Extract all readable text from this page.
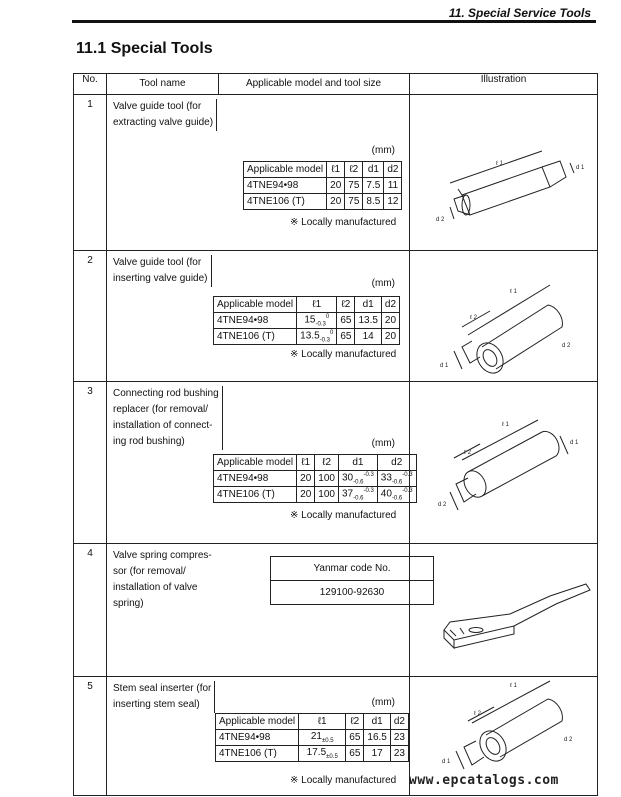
11. Special Service Tools
11.1 Special Tools
No.	Tool name	Applicable model and tool size	Illustration
1	Valve guide tool (for
extracting valve guide)
(mm)
Applicable model	ℓ1	ℓ2	d1	d2
4TNE94•98	20	75	7.5	11
4TNE106 (T)	20	75	8.5	12
※ Locally manufactured

ℓ 1
d 1
d 2

2	Valve guide tool (for
inserting valve guide)	(mm)
Applicable model	ℓ1	ℓ2	d1	d2
4TNE94•98	$15_{-0.3}^0$	65	13.5	20
4TNE106 (T)	$13.5_{-0.3}^0$	65	14	20
※ Locally manufactured

ℓ 1
ℓ 2
d 1
d 2

3	Connecting rod bushing
replacer (for removal/
installation of connect-
ing rod bushing)	(mm)
Applicable model	ℓ1	ℓ2	d1	d2
4TNE94•98	20	100	$30_{-0.6}^{-0.3}$	$33_{-0.6}^{-0.3}$
4TNE106 (T)	20	100	$37_{-0.6}^{-0.3}$	$40_{-0.6}^{-0.3}$
※ Locally manufactured

ℓ 1
ℓ 2
d 1
d 2

4	Valve spring compres-
sor (for removal/
installation of valve
spring)
Yanmar code No.
129100-92630

5	Stem seal inserter (for
inserting stem seal)	(mm)
Applicable model	ℓ1	ℓ2	d1	d2
4TNE94•98	$21_{\pm 0.5}$	65	16.5	23
4TNE106 (T)	$17.5_{\pm 0.5}$	65	17	23
※ Locally manufactured

ℓ 1
ℓ 2
d 1
d 2
www.epcatalogs.com
